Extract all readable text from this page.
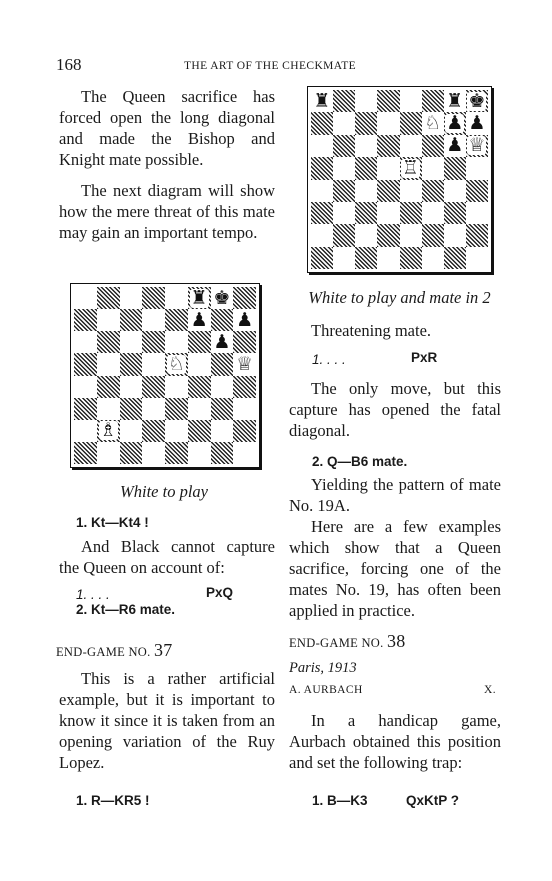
168	THE ART OF THE CHECKMATE
The Queen sacrifice has forced open the long diagonal and made the Bishop and Knight mate possible.
The next diagram will show how the mere threat of this mate may gain an important tempo.
♜ ♚
♟ ♟
♟
♘	♕
♗
White to play
1. Kt—Kt4 !
And Black cannot capture the Queen on account of:
1. . . .	PxQ
2. Kt—R6 mate.
END-GAME NO. 37
This is a rather artificial example, but it is important to know it since it is taken from an opening variation of the Ruy Lopez.
1. R—KR5 !
♜	♜ ♚
♘ ♟ ♟
♟ ♕
♖
White to play and mate in 2
Threatening mate.
1. . . .	PxR
The only move, but this capture has opened the fatal diagonal.
2. Q—B6 mate.
Yielding the pattern of mate No. 19A.
Here are a few examples which show that a Queen sacrifice, forcing one of the mates No. 19, has often been applied in practice.
END-GAME NO. 38
Paris, 1913
A. AURBACH	X.
In a handicap game, Aurbach obtained this position and set the following trap:
1. B—K3	QxKtP ?
